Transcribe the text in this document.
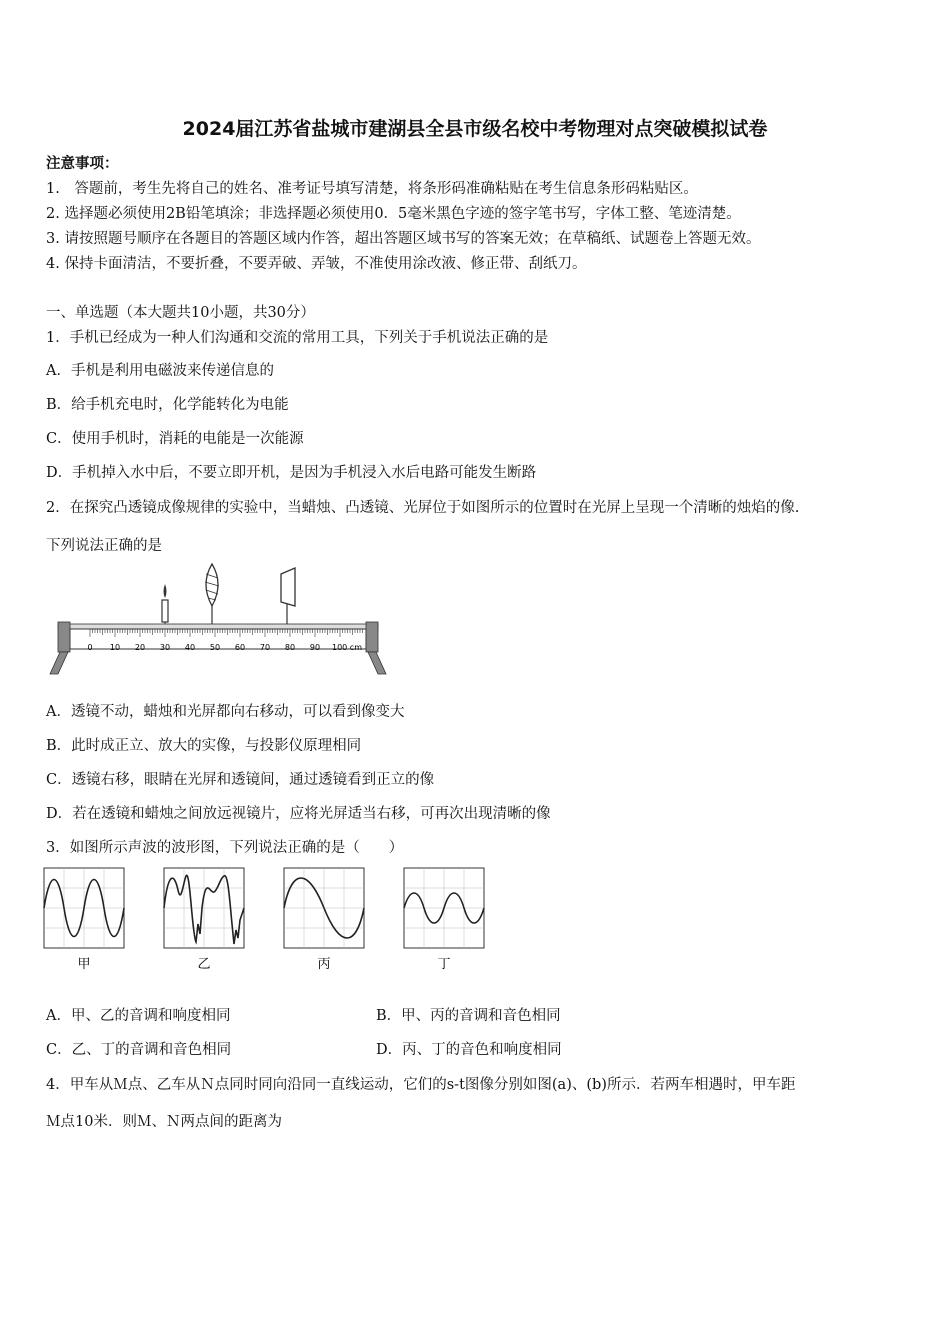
2024届江苏省盐城市建湖县全县市级名校中考物理对点突破模拟试卷
注意事项：
1.　答题前，考生先将自己的姓名、准考证号填写清楚，将条形码准确粘贴在考生信息条形码粘贴区。
2. 选择题必须使用2B铅笔填涂；非选择题必须使用0．5毫米黑色字迹的签字笔书写，字体工整、笔迹清楚。
3. 请按照题号顺序在各题目的答题区域内作答，超出答题区域书写的答案无效；在草稿纸、试题卷上答题无效。
4. 保持卡面清洁，不要折叠，不要弄破、弄皱，不准使用涂改液、修正带、刮纸刀。
一、单选题（本大题共10小题，共30分）
1．手机已经成为一种人们沟通和交流的常用工具，下列关于手机说法正确的是
A．手机是利用电磁波来传递信息的
B．给手机充电时，化学能转化为电能
C．使用手机时，消耗的电能是一次能源
D．手机掉入水中后，不要立即开机，是因为手机浸入水后电路可能发生断路
2．在探究凸透镜成像规律的实验中，当蜡烛、凸透镜、光屏位于如图所示的位置时在光屏上呈现一个清晰的烛焰的像.
下列说法正确的是
0 10 20 30 40 50 60 70 80 90 100 cm
A．透镜不动，蜡烛和光屏都向右移动，可以看到像变大
B．此时成正立、放大的实像，与投影仪原理相同
C．透镜右移，眼睛在光屏和透镜间，通过透镜看到正立的像
D．若在透镜和蜡烛之间放远视镜片，应将光屏适当右移，可再次出现清晰的像
3．如图所示声波的波形图，下列说法正确的是（　　）
甲	乙	丙	丁
A．甲、乙的音调和响度相同	B．甲、丙的音调和音色相同
C．乙、丁的音调和音色相同	D．丙、丁的音色和响度相同
4．甲车从Ｍ点、乙车从Ｎ点同时同向沿同一直线运动，它们的s-t图像分别如图(a)、(b)所示．若两车相遇时，甲车距
Ｍ点10米．则Ｍ、Ｎ两点间的距离为
